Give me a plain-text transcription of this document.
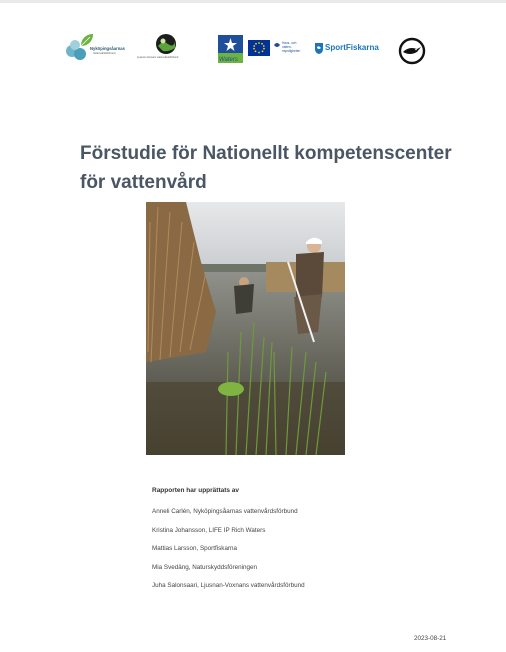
Nyköpingsåarnas
Vattenvårdsförbund
Ljusnan-Voxnans vattenvårdsförbund	Waters
Havs- och vatten- myndigheten	SportFiskarna
Förstudie för Nationellt kompetenscenter
för vattenvård
Rapporten har upprättats av
Anneli Carlén, Nyköpingsåarnas vattenvårdsförbund
Kristina Johansson, LIFE IP Rich Waters
Mattias Larsson, Sportfiskarna
Mia Svedäng, Naturskyddsföreningen
Juha Salonsaari, Ljusnan-Voxnans vattenvårdsförbund
2023-08-21
